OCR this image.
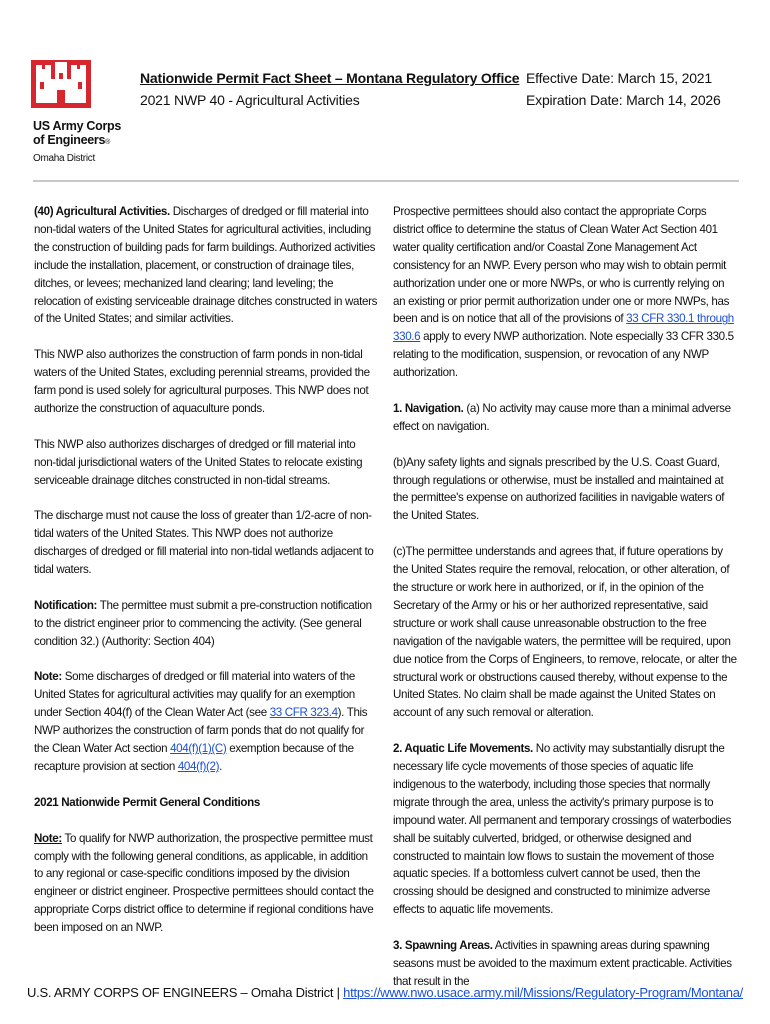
US Army Corps
of Engineers®
Omaha District
Nationwide Permit Fact Sheet – Montana Regulatory Office
2021 NWP 40 - Agricultural Activities
Effective Date: March 15, 2021
Expiration Date: March 14, 2026

(40) Agricultural Activities. Discharges of dredged or fill material into non-tidal waters of the United States for agricultural activities, including the construction of building pads for farm buildings. Authorized activities include the installation, placement, or construction of drainage tiles, ditches, or levees; mechanized land clearing; land leveling; the relocation of existing serviceable drainage ditches constructed in waters of the United States; and similar activities.

This NWP also authorizes the construction of farm ponds in non-tidal waters of the United States, excluding perennial streams, provided the farm pond is used solely for agricultural purposes. This NWP does not authorize the construction of aquaculture ponds.

This NWP also authorizes discharges of dredged or fill material into non-tidal jurisdictional waters of the United States to relocate existing serviceable drainage ditches constructed in non-tidal streams.

The discharge must not cause the loss of greater than 1/2-acre of non-tidal waters of the United States. This NWP does not authorize discharges of dredged or fill material into non-tidal wetlands adjacent to tidal waters.

Notification: The permittee must submit a pre-construction notification to the district engineer prior to commencing the activity. (See general condition 32.) (Authority: Section 404)

Note: Some discharges of dredged or fill material into waters of the United States for agricultural activities may qualify for an exemption under Section 404(f) of the Clean Water Act (see 33 CFR 323.4). This NWP authorizes the construction of farm ponds that do not qualify for the Clean Water Act section 404(f)(1)(C) exemption because of the recapture provision at section 404(f)(2).

2021 Nationwide Permit General Conditions

Note: To qualify for NWP authorization, the prospective permittee must comply with the following general conditions, as applicable, in addition to any regional or case-specific conditions imposed by the division engineer or district engineer. Prospective permittees should contact the appropriate Corps district office to determine if regional conditions have been imposed on an NWP.

Prospective permittees should also contact the appropriate Corps district office to determine the status of Clean Water Act Section 401 water quality certification and/or Coastal Zone Management Act consistency for an NWP. Every person who may wish to obtain permit authorization under one or more NWPs, or who is currently relying on an existing or prior permit authorization under one or more NWPs, has been and is on notice that all of the provisions of 33 CFR 330.1 through 330.6 apply to every NWP authorization. Note especially 33 CFR 330.5 relating to the modification, suspension, or revocation of any NWP authorization.

1. Navigation. (a) No activity may cause more than a minimal adverse effect on navigation.

(b)Any safety lights and signals prescribed by the U.S. Coast Guard, through regulations or otherwise, must be installed and maintained at the permittee's expense on authorized facilities in navigable waters of the United States.

(c)The permittee understands and agrees that, if future operations by the United States require the removal, relocation, or other alteration, of the structure or work here in authorized, or if, in the opinion of the Secretary of the Army or his or her authorized representative, said structure or work shall cause unreasonable obstruction to the free navigation of the navigable waters, the permittee will be required, upon due notice from the Corps of Engineers, to remove, relocate, or alter the structural work or obstructions caused thereby, without expense to the United States. No claim shall be made against the United States on account of any such removal or alteration.

2. Aquatic Life Movements. No activity may substantially disrupt the necessary life cycle movements of those species of aquatic life indigenous to the waterbody, including those species that normally migrate through the area, unless the activity's primary purpose is to impound water. All permanent and temporary crossings of waterbodies shall be suitably culverted, bridged, or otherwise designed and constructed to maintain low flows to sustain the movement of those aquatic species. If a bottomless culvert cannot be used, then the crossing should be designed and constructed to minimize adverse effects to aquatic life movements.

3. Spawning Areas. Activities in spawning areas during spawning seasons must be avoided to the maximum extent practicable. Activities that result in the

U.S. ARMY CORPS OF ENGINEERS – Omaha District | https://www.nwo.usace.army.mil/Missions/Regulatory-Program/Montana/
